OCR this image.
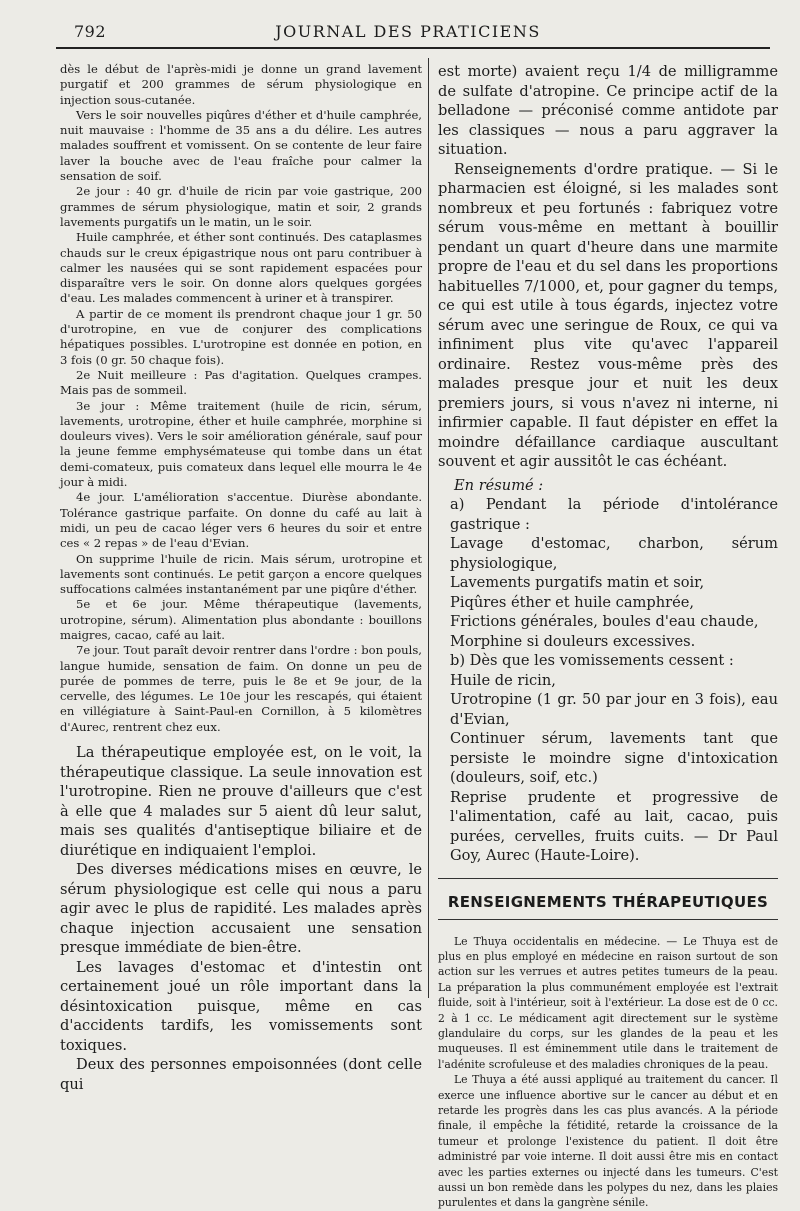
792	JOURNAL DES PRATICIENS

dès le début de l'après-midi je donne un grand lavement purgatif et 200 grammes de sérum physiologique en injection sous-cutanée.

Vers le soir nouvelles piqûres d'éther et d'huile camphrée, nuit mauvaise : l'homme de 35 ans a du délire. Les autres malades souffrent et vomissent. On se contente de leur faire laver la bouche avec de l'eau fraîche pour calmer la sensation de soif.

2e jour : 40 gr. d'huile de ricin par voie gastrique, 200 grammes de sérum physiologique, matin et soir, 2 grands lavements purgatifs un le matin, un le soir.

Huile camphrée, et éther sont continués. Des cataplasmes chauds sur le creux épigastrique nous ont paru contribuer à calmer les nausées qui se sont rapidement espacées pour disparaître vers le soir. On donne alors quelques gorgées d'eau. Les malades commencent à uriner et à transpirer.

A partir de ce moment ils prendront chaque jour 1 gr. 50 d'urotropine, en vue de conjurer des complications hépatiques possibles. L'urotropine est donnée en potion, en 3 fois (0 gr. 50 chaque fois).

2e Nuit meilleure : Pas d'agitation. Quelques crampes. Mais pas de sommeil.

3e jour : Même traitement (huile de ricin, sérum, lavements, urotropine, éther et huile camphrée, morphine si douleurs vives). Vers le soir amélioration générale, sauf pour la jeune femme emphysémateuse qui tombe dans un état demi-comateux, puis comateux dans lequel elle mourra le 4e jour à midi.

4e jour. L'amélioration s'accentue. Diurèse abondante. Tolérance gastrique parfaite. On donne du café au lait à midi, un peu de cacao léger vers 6 heures du soir et entre ces « 2 repas » de l'eau d'Evian.

On supprime l'huile de ricin. Mais sérum, urotropine et lavements sont continués. Le petit garçon a encore quelques suffocations calmées instantanément par une piqûre d'éther.

5e et 6e jour. Même thérapeutique (lavements, urotropine, sérum). Alimentation plus abondante : bouillons maigres, cacao, café au lait.

7e jour. Tout paraît devoir rentrer dans l'ordre : bon pouls, langue humide, sensation de faim. On donne un peu de purée de pommes de terre, puis le 8e et 9e jour, de la cervelle, des légumes. Le 10e jour les rescapés, qui étaient en villégiature à Saint-Paul-en Cornillon, à 5 kilomètres d'Aurec, rentrent chez eux.

La thérapeutique employée est, on le voit, la thérapeutique classique. La seule innovation est l'urotropine. Rien ne prouve d'ailleurs que c'est à elle que 4 malades sur 5 aient dû leur salut, mais ses qualités d'antiseptique biliaire et de diurétique en indiquaient l'emploi.

Des diverses médications mises en œuvre, le sérum physiologique est celle qui nous a paru agir avec le plus de rapidité. Les malades après chaque injection accusaient une sensation presque immédiate de bien-être.

Les lavages d'estomac et d'intestin ont certainement joué un rôle important dans la désintoxication puisque, même en cas d'accidents tardifs, les vomissements sont toxiques.

Deux des personnes empoisonnées (dont celle qui

est morte) avaient reçu 1/4 de milligramme de sulfate d'atropine. Ce principe actif de la belladone — préconisé comme antidote par les classiques — nous a paru aggraver la situation.

Renseignements d'ordre pratique. — Si le pharmacien est éloigné, si les malades sont nombreux et peu fortunés : fabriquez votre sérum vous-même en mettant à bouillir pendant un quart d'heure dans une marmite propre de l'eau et du sel dans les proportions habituelles 7/1000, et, pour gagner du temps, ce qui est utile à tous égards, injectez votre sérum avec une seringue de Roux, ce qui va infiniment plus vite qu'avec l'appareil ordinaire. Restez vous-même près des malades presque jour et nuit les deux premiers jours, si vous n'avez ni interne, ni infirmier capable. Il faut dépister en effet la moindre défaillance cardiaque auscultant souvent et agir aussitôt le cas échéant.

En résumé :

a) Pendant la période d'intolérance gastrique :

Lavage d'estomac, charbon, sérum physiologique,

Lavements purgatifs matin et soir,

Piqûres éther et huile camphrée,

Frictions générales, boules d'eau chaude,

Morphine si douleurs excessives.

b) Dès que les vomissements cessent :

Huile de ricin,

Urotropine (1 gr. 50 par jour en 3 fois), eau d'Evian,

Continuer sérum, lavements tant que persiste le moindre signe d'intoxication (douleurs, soif, etc.)

Reprise prudente et progressive de l'alimentation, café au lait, cacao, puis purées, cervelles, fruits cuits. — Dr Paul Goy, Aurec (Haute-Loire).

RENSEIGNEMENTS THÉRAPEUTIQUES

Le Thuya occidentalis en médecine. — Le Thuya est de plus en plus employé en médecine en raison surtout de son action sur les verrues et autres petites tumeurs de la peau. La préparation la plus communément employée est l'extrait fluide, soit à l'intérieur, soit à l'extérieur. La dose est de 0 cc. 2 à 1 cc. Le médicament agit directement sur le système glandulaire du corps, sur les glandes de la peau et les muqueuses. Il est éminemment utile dans le traitement de l'adénite scrofuleuse et des maladies chroniques de la peau.

Le Thuya a été aussi appliqué au traitement du cancer. Il exerce une influence abortive sur le cancer au début et en retarde les progrès dans les cas plus avancés. A la période finale, il empêche la fétidité, retarde la croissance de la tumeur et prolonge l'existence du patient. Il doit être administré par voie interne. Il doit aussi être mis en contact avec les parties externes ou injecté dans les tumeurs. C'est aussi un bon remède dans les polypes du nez, dans les plaies purulentes et dans la gangrène sénile.
